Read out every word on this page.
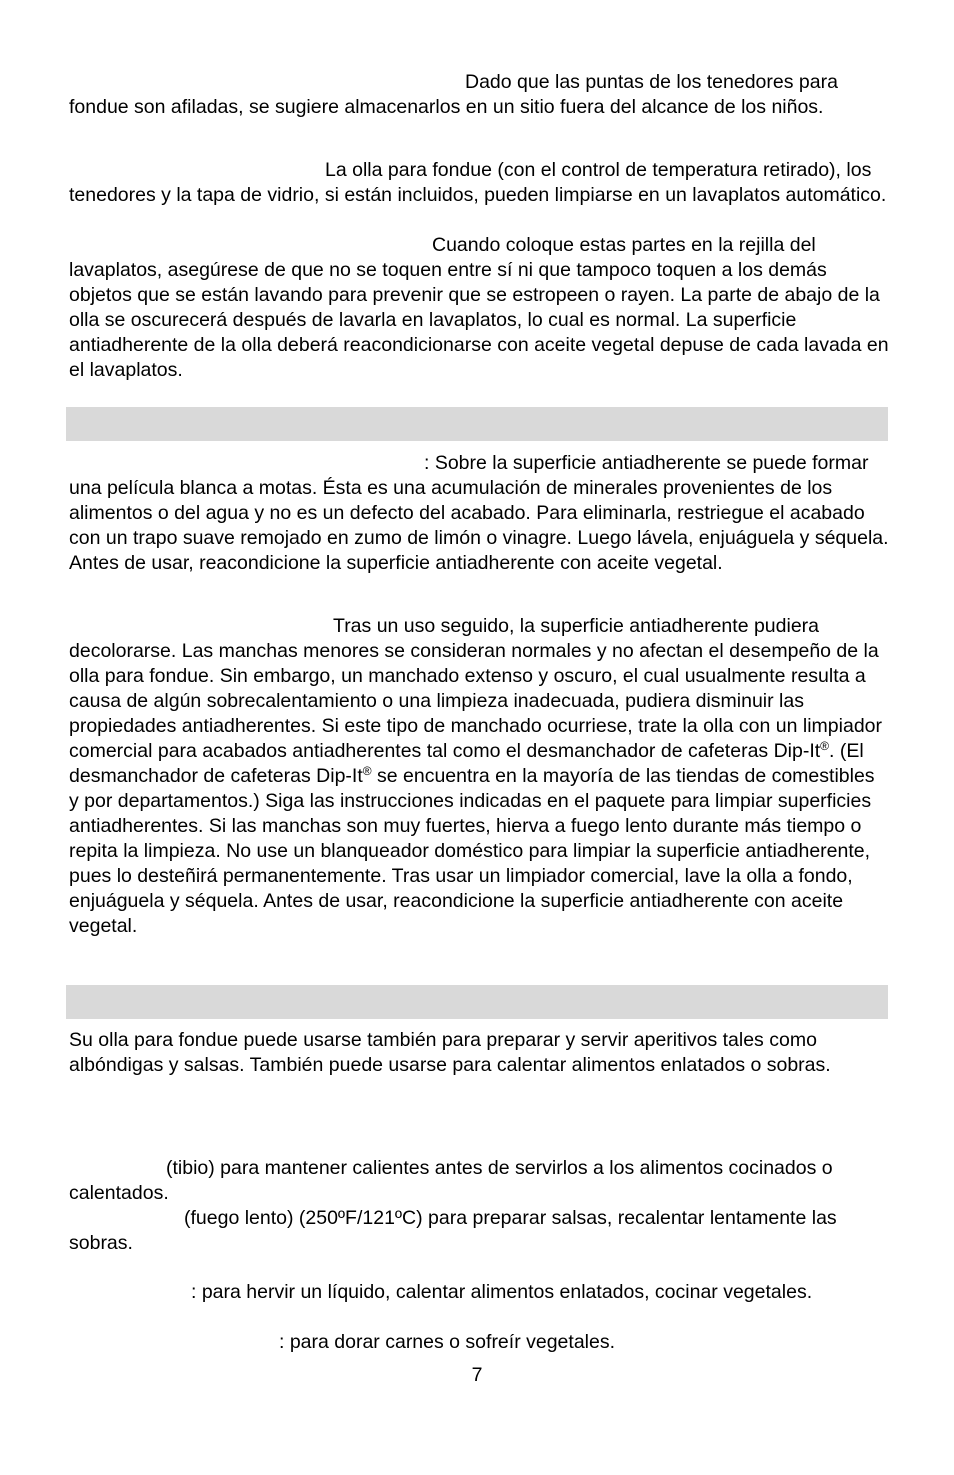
Dado que las puntas de los tenedores para fondue son afiladas, se sugiere almacenarlos en un sitio fuera del alcance de los niños.

La olla para fondue (con el control de temperatura retirado), los tenedores y la tapa de vidrio, si están incluidos, pueden limpiarse en un lavaplatos automático.

Cuando coloque estas partes en la rejilla del lavaplatos, asegúrese de que no se toquen entre sí ni que tampoco toquen a los demás objetos que se están lavando para prevenir que se estropeen o rayen. La parte de abajo de la olla se oscurecerá después de lavarla en lavaplatos, lo cual es normal. La superficie antiadherente de la olla deberá reacondicionarse con aceite vegetal depuse de cada lavada en el lavaplatos.

: Sobre la superficie antiadherente se puede formar una película blanca a motas. Ésta es una acumulación de minerales provenientes de los alimentos o del agua y no es un defecto del acabado. Para eliminarla, restriegue el acabado con un trapo suave remojado en zumo de limón o vinagre. Luego lávela, enjuáguela y séquela. Antes de usar, reacondicione la superficie antiadherente con aceite vegetal.

Tras un uso seguido, la superficie antiadherente pudiera decolorarse. Las manchas menores se consideran normales y no afectan el desempeño de la olla para fondue. Sin embargo, un manchado extenso y oscuro, el cual usualmente resulta a causa de algún sobrecalentamiento o una limpieza inadecuada, pudiera disminuir las propiedades antiadherentes. Si este tipo de manchado ocurriese, trate la olla con un limpiador comercial para acabados antiadherentes tal como el desmanchador de cafeteras Dip-It®. (El desmanchador de cafeteras Dip-It® se encuentra en la mayoría de las tiendas de comestibles y por departamentos.) Siga las instrucciones indicadas en el paquete para limpiar superficies antiadherentes. Si las manchas son muy fuertes, hierva a fuego lento durante más tiempo o repita la limpieza. No use un blanqueador doméstico para limpiar la superficie antiadherente, pues lo desteñirá permanentemente. Tras usar un limpiador comercial, lave la olla a fondo, enjuáguela y séquela. Antes de usar, reacondicione la superficie antiadherente con aceite vegetal.

Su olla para fondue puede usarse también para preparar y servir aperitivos tales como albóndigas y salsas. También puede usarse para calentar alimentos enlatados o sobras.

(tibio) para mantener calientes antes de servirlos a los alimentos cocinados o calentados.

(fuego lento) (250ºF/121ºC) para preparar salsas, recalentar lentamente las sobras.

: para hervir un líquido, calentar alimentos enlatados, cocinar vegetales.

: para dorar carnes o sofreír vegetales.

7
